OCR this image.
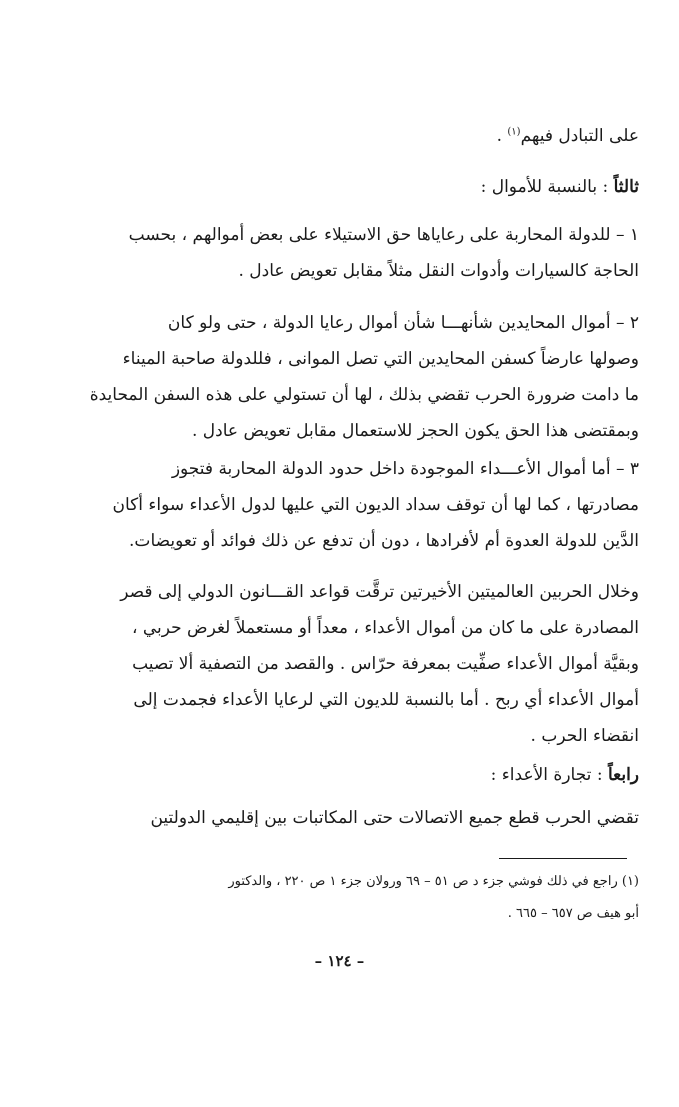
على التبادل فيهم$^{(١)}$ .
ثالثاً : بالنسبة للأموال :
١ – للدولة المحاربة على رعاياها حق الاستيلاء على بعض أموالهم ، بحسب
الحاجة كالسيارات وأدوات النقل مثلاً مقابل تعويض عادل .
٢ – أموال المحايدين شأنهـــا شأن أموال رعايا الدولة ، حتى ولو كان
وصولها عارضاً كسفن المحايدين التي تصل الموانى ، فللدولة صاحبة الميناء
ما دامت ضرورة الحرب تقضي بذلك ، لها أن تستولي على هذه السفن المحايدة
وبمقتضى هذا الحق يكون الحجز للاستعمال مقابل تعويض عادل .
٣ – أما أموال الأعـــداء الموجودة داخل حدود الدولة المحاربة فتجوز
مصادرتها ، كما لها أن توقف سداد الديون التي عليها لدول الأعداء سواء أكان
الدَّين للدولة العدوة أم لأفرادها ، دون أن تدفع عن ذلك فوائد أو تعويضات.
وخلال الحربين العالميتين الأخيرتين ترقَّت قواعد القـــانون الدولي إلى قصر
المصادرة على ما كان من أموال الأعداء ، معداً أو مستعملاً لغرض حربي ،
وبقيَّة أموال الأعداء صفِّيت بمعرفة حرّاس . والقصد من التصفية ألا تصيب
أموال الأعداء أي ربح . أما بالنسبة للديون التي لرعايا الأعداء فجمدت إلى
انقضاء الحرب .
رابعاً : تجارة الأعداء :
تقضي الحرب قطع جميع الاتصالات حتى المكاتبات بين إقليمي الدولتين
(١) راجع في ذلك فوشي جزء د ص ٥١ – ٦٩ وروﻻن جزء ١ ص ٢٢٠ ، والدكتور
أبو هيف ص ٦٥٧ – ٦٦٥ .
– ١٢٤ –
